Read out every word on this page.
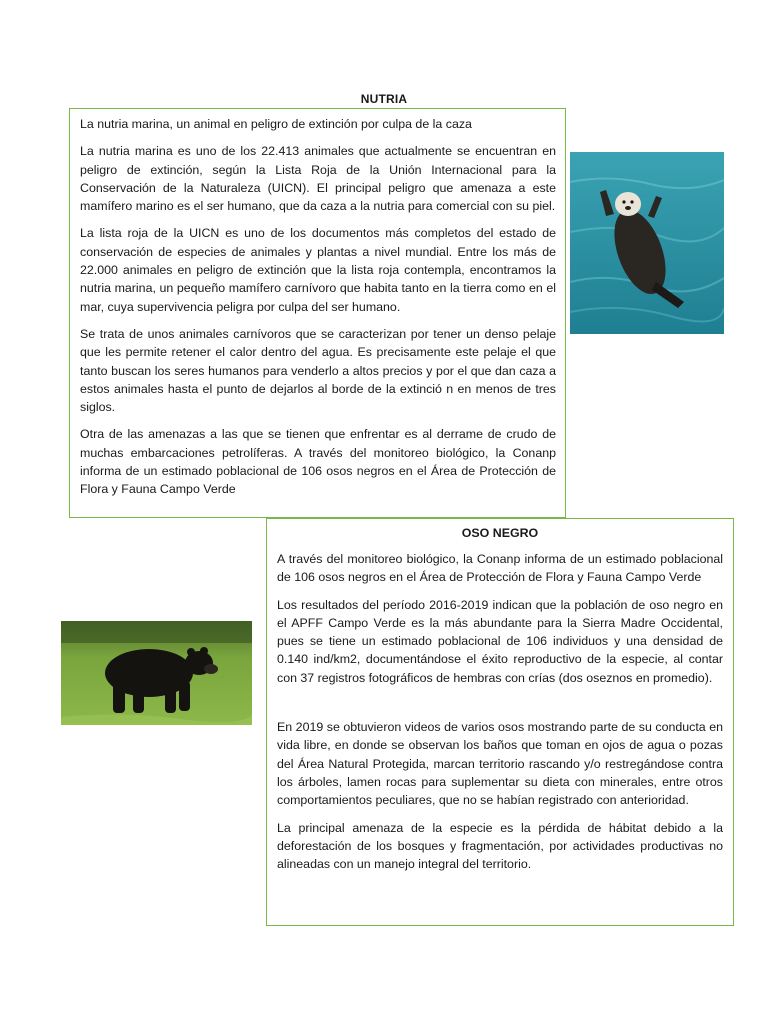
NUTRIA

La nutria marina, un animal en peligro de extinción por culpa de la caza

La nutria marina es uno de los 22.413 animales que actualmente se encuentran en peligro de extinción, según la Lista Roja de la Unión Internacional para la Conservación de la Naturaleza (UICN). El principal peligro que amenaza a este mamífero marino es el ser humano, que da caza a la nutria para comercial con su piel.

La lista roja de la UICN es uno de los documentos más completos del estado de conservación de especies de animales y plantas a nivel mundial. Entre los más de 22.000 animales en peligro de extinción que la lista roja contempla, encontramos la nutria marina, un pequeño mamífero carnívoro que habita tanto en la tierra como en el mar, cuya supervivencia peligra por culpa del ser humano.

Se trata de unos animales carnívoros que se caracterizan por tener un denso pelaje que les permite retener el calor dentro del agua. Es precisamente este pelaje el que tanto buscan los seres humanos para venderlo a altos precios y por el que dan caza a estos animales hasta el punto de dejarlos al borde de la extinció n en menos de tres siglos.

Otra de las amenazas a las que se tienen que enfrentar es al derrame de crudo de muchas embarcaciones petrolíferas. A través del monitoreo biológico, la Conanp informa de un estimado poblacional de 106 osos negros en el Área de Protección de Flora y Fauna Campo Verde

OSO NEGRO

A través del monitoreo biológico, la Conanp informa de un estimado poblacional de 106 osos negros en el Área de Protección de Flora y Fauna Campo Verde

Los resultados del período 2016-2019 indican que la población de oso negro en el APFF Campo Verde es la más abundante para la Sierra Madre Occidental, pues se tiene un estimado poblacional de 106 individuos y una densidad de 0.140 ind/km2, documentándose el éxito reproductivo de la especie, al contar con 37 registros fotográficos de hembras con crías (dos oseznos en promedio).

En 2019 se obtuvieron videos de varios osos mostrando parte de su conducta en vida libre, en donde se observan los baños que toman en ojos de agua o pozas del Área Natural Protegida, marcan territorio rascando y/o restregándose contra los árboles, lamen rocas para suplementar su dieta con minerales, entre otros comportamientos peculiares, que no se habían registrado con anterioridad.

La principal amenaza de la especie es la pérdida de hábitat debido a la deforestación de los bosques y fragmentación, por actividades productivas no alineadas con un manejo integral del territorio.
